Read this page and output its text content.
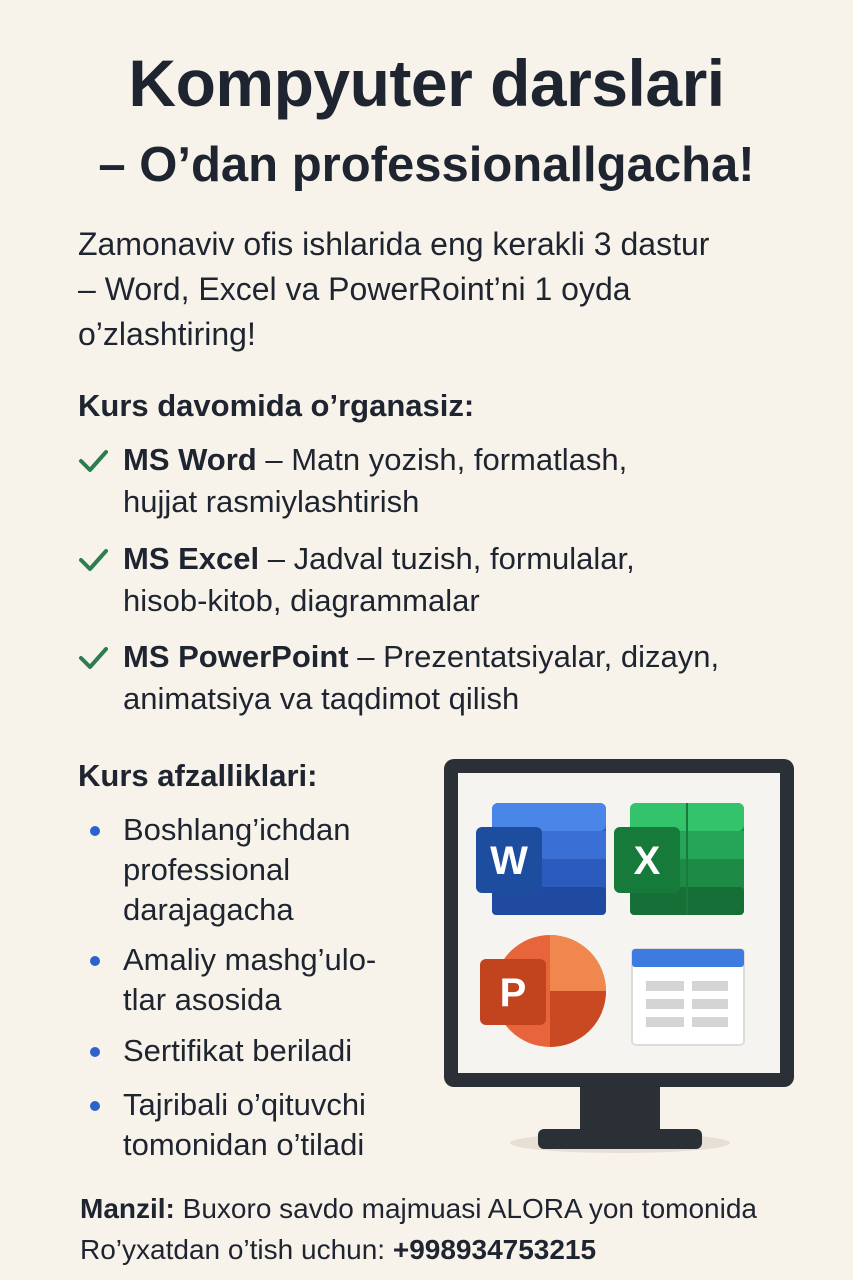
Kompyuter darslari
– O’dan professionallgacha!
Zamonaviv ofis ishlarida eng kerakli 3 dastur
– Word, Excel va PowerRoint’ni 1 oyda
o’zlashtiring!
Kurs davomida o’rganasiz:
MS Word – Matn yozish, formatlash,
hujjat rasmiylashtirish
MS Excel – Jadval tuzish, formulalar,
hisob-kitob, diagrammalar
MS PowerPoint – Prezentatsiyalar, dizayn,
animatsiya va taqdimot qilish
Kurs afzalliklari:
Boshlang’ichdan
professional
darajagacha
Amaliy mashg’ulo-
tlar asosida
Sertifikat beriladi
Tajribali o’qituvchi
tomonidan o’tiladi
W	X
P
Manzil: Buxoro savdo majmuasi ALORA yon tomonida
Ro’yxatdan o’tish uchun: +998934753215
